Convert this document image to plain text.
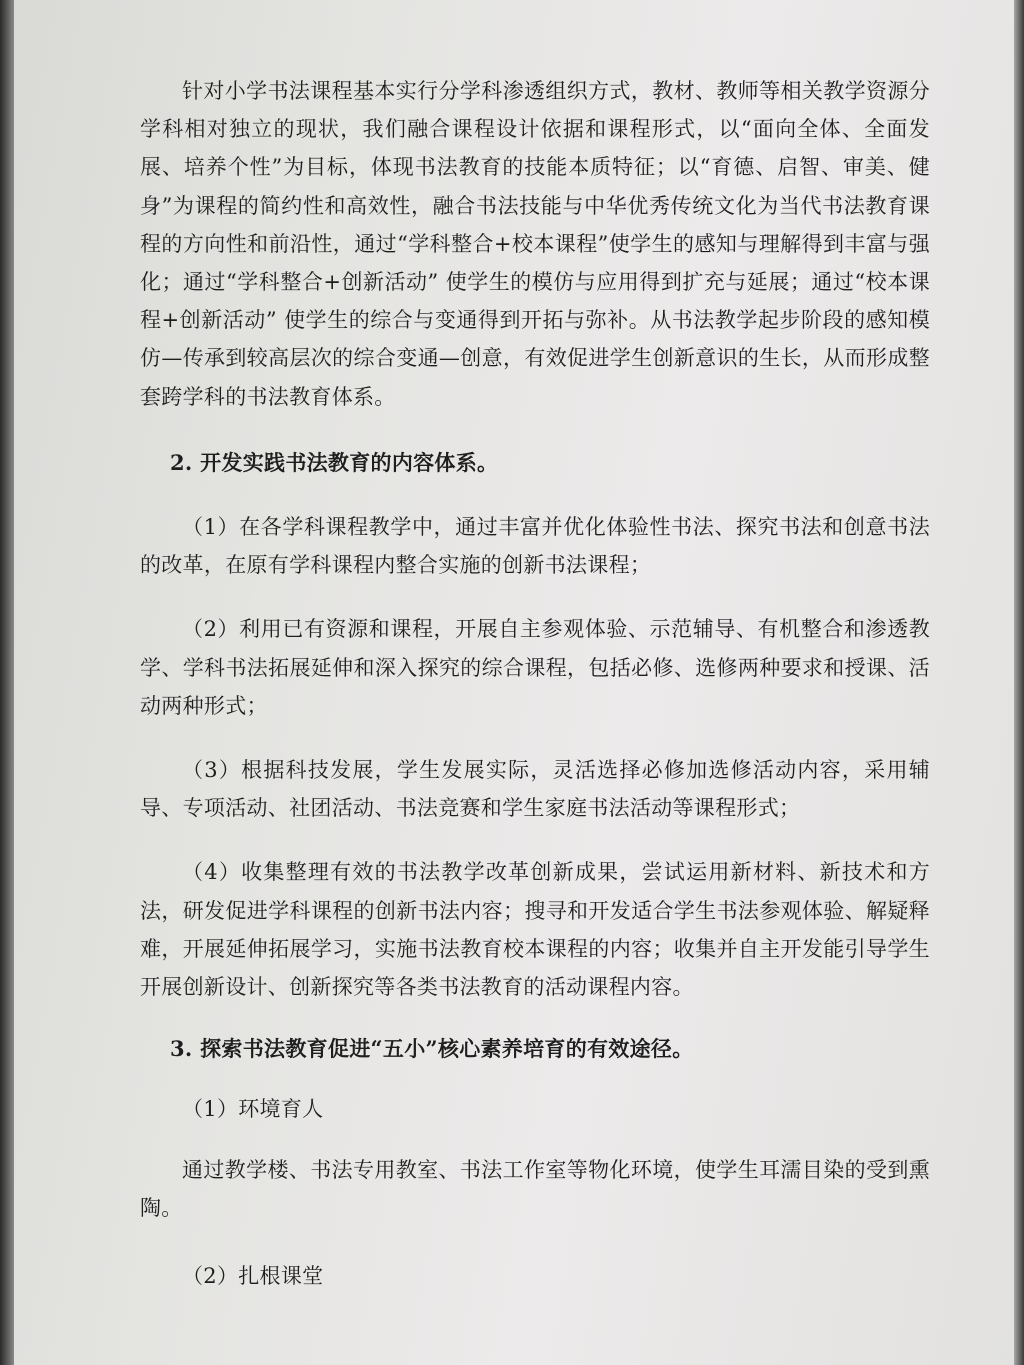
针对小学书法课程基本实行分学科渗透组织方式，教材、教师等相关教学资源分学科相对独立的现状，我们融合课程设计依据和课程形式，以“面向全体、全面发展、培养个性”为目标，体现书法教育的技能本质特征；以“育德、启智、审美、健身”为课程的简约性和高效性，融合书法技能与中华优秀传统文化为当代书法教育课程的方向性和前沿性，通过“学科整合+校本课程”使学生的感知与理解得到丰富与强化；通过“学科整合+创新活动” 使学生的模仿与应用得到扩充与延展；通过“校本课程+创新活动” 使学生的综合与变通得到开拓与弥补。从书法教学起步阶段的感知模仿—传承到较高层次的综合变通—创意，有效促进学生创新意识的生长，从而形成整套跨学科的书法教育体系。

2. 开发实践书法教育的内容体系。

（1）在各学科课程教学中，通过丰富并优化体验性书法、探究书法和创意书法的改革，在原有学科课程内整合实施的创新书法课程；

（2）利用已有资源和课程，开展自主参观体验、示范辅导、有机整合和渗透教学、学科书法拓展延伸和深入探究的综合课程，包括必修、选修两种要求和授课、活动两种形式；

（3）根据科技发展，学生发展实际，灵活选择必修加选修活动内容，采用辅导、专项活动、社团活动、书法竞赛和学生家庭书法活动等课程形式；

（4）收集整理有效的书法教学改革创新成果，尝试运用新材料、新技术和方法，研发促进学科课程的创新书法内容；搜寻和开发适合学生书法参观体验、解疑释难，开展延伸拓展学习，实施书法教育校本课程的内容；收集并自主开发能引导学生开展创新设计、创新探究等各类书法教育的活动课程内容。

3. 探索书法教育促进“五小”核心素养培育的有效途径。

（1）环境育人

通过教学楼、书法专用教室、书法工作室等物化环境，使学生耳濡目染的受到熏陶。

（2）扎根课堂
